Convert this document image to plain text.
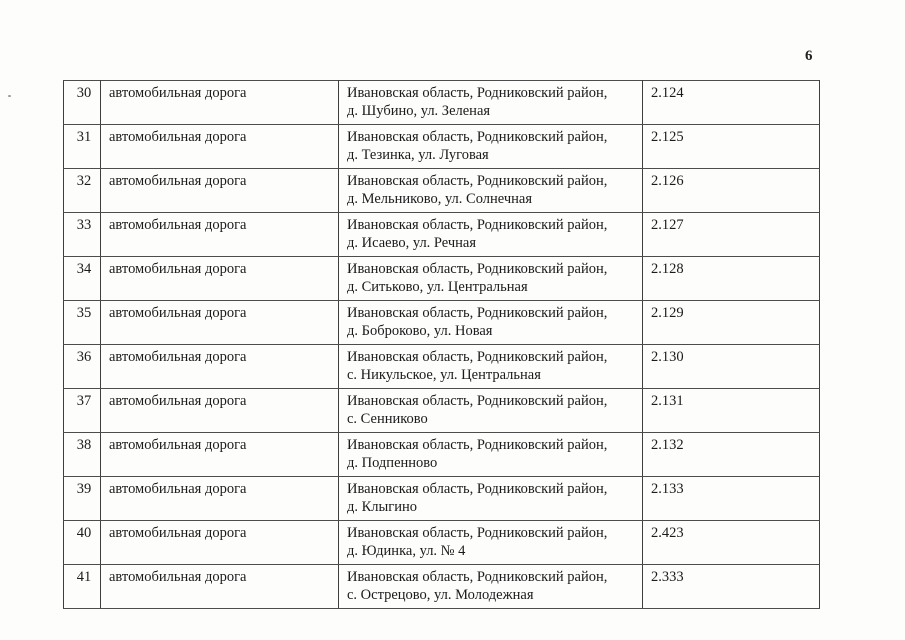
6
30	автомобильная дорога	Ивановская область, Родниковский район,
д. Шубино, ул. Зеленая	2.124
31	автомобильная дорога	Ивановская область, Родниковский район,
д. Тезинка, ул. Луговая	2.125
32	автомобильная дорога	Ивановская область, Родниковский район,
д. Мельниково, ул. Солнечная	2.126
33	автомобильная дорога	Ивановская область, Родниковский район,
д. Исаево, ул. Речная	2.127
34	автомобильная дорога	Ивановская область, Родниковский район,
д. Ситьково, ул. Центральная	2.128
35	автомобильная дорога	Ивановская область, Родниковский район,
д. Боброково, ул. Новая	2.129
36	автомобильная дорога	Ивановская область, Родниковский район,
с. Никульское, ул. Центральная	2.130
37	автомобильная дорога	Ивановская область, Родниковский район,
с. Сенниково	2.131
38	автомобильная дорога	Ивановская область, Родниковский район,
д. Подпенново	2.132
39	автомобильная дорога	Ивановская область, Родниковский район,
д. Клыгино	2.133
40	автомобильная дорога	Ивановская область, Родниковский район,
д. Юдинка, ул. № 4	2.423
41	автомобильная дорога	Ивановская область, Родниковский район,
с. Острецово, ул. Молодежная	2.333
